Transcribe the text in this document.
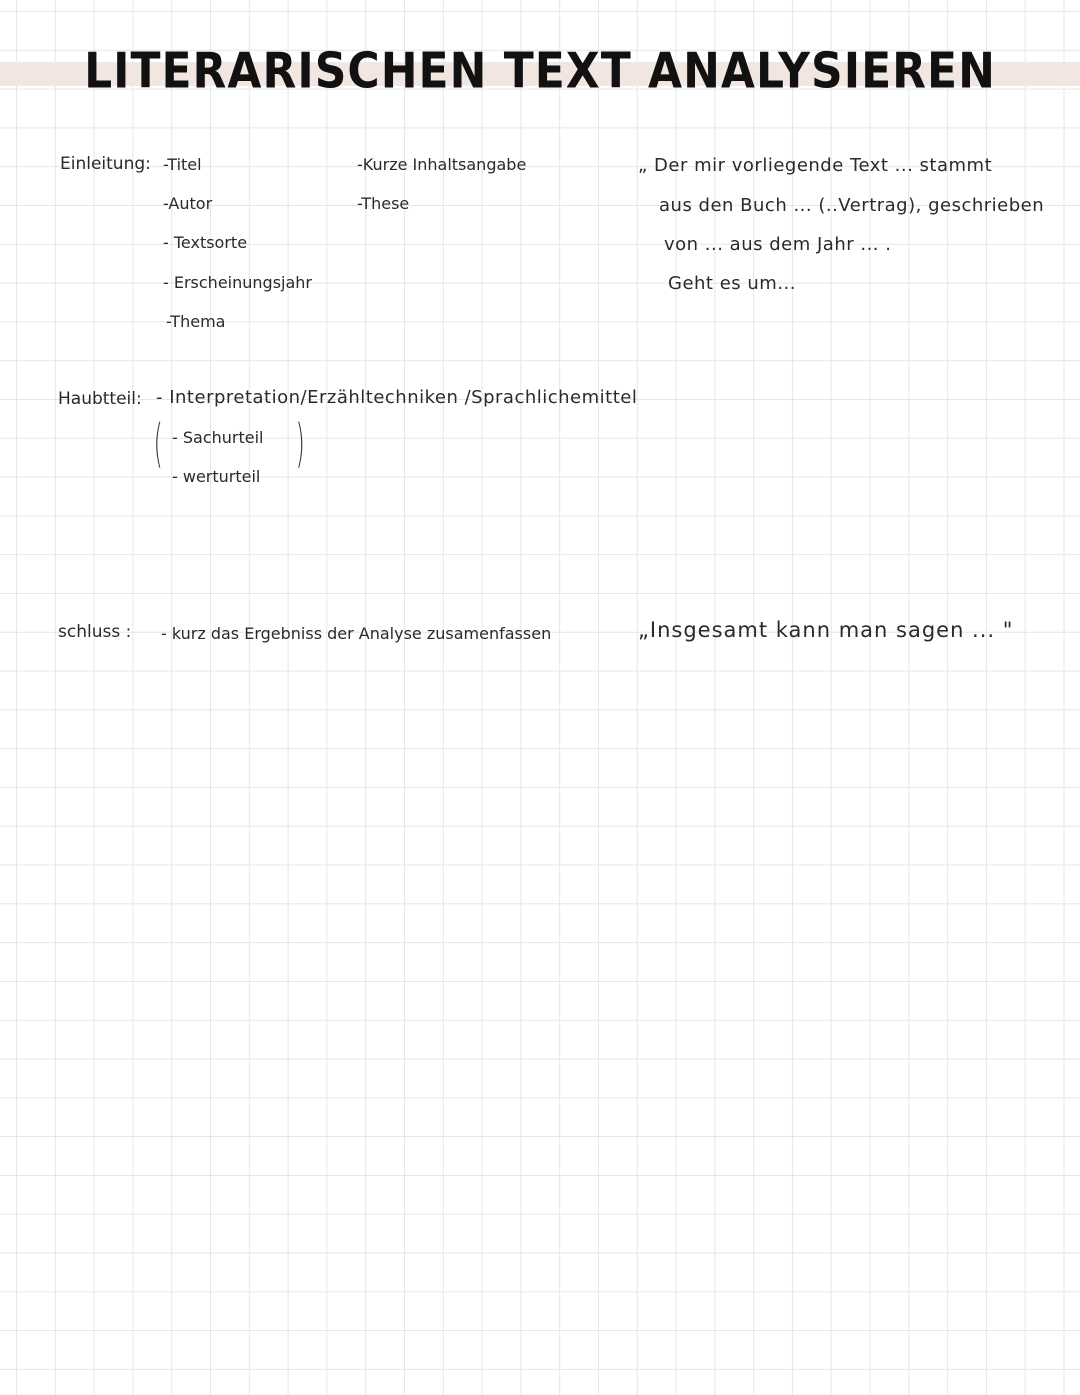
LITERARISCHEN TEXT ANALYSIEREN
Einleitung: -Titel
-Autor
- Textsorte
- Erscheinungsjahr
-Thema
-Kurze Inhaltsangabe
-These
„ Der mir vorliegende Text ... stammt
aus den Buch ... (..Vertrag), geschrieben
von ... aus dem Jahr ... .
Geht es um...
Haubtteil: - Interpretation/Erzähltechniken /Sprachlichemittel
( - Sachurteil
- werturteil
)
schluss : - kurz das Ergebniss der Analyse zusamenfassen	„Insgesamt kann man sagen ... "
